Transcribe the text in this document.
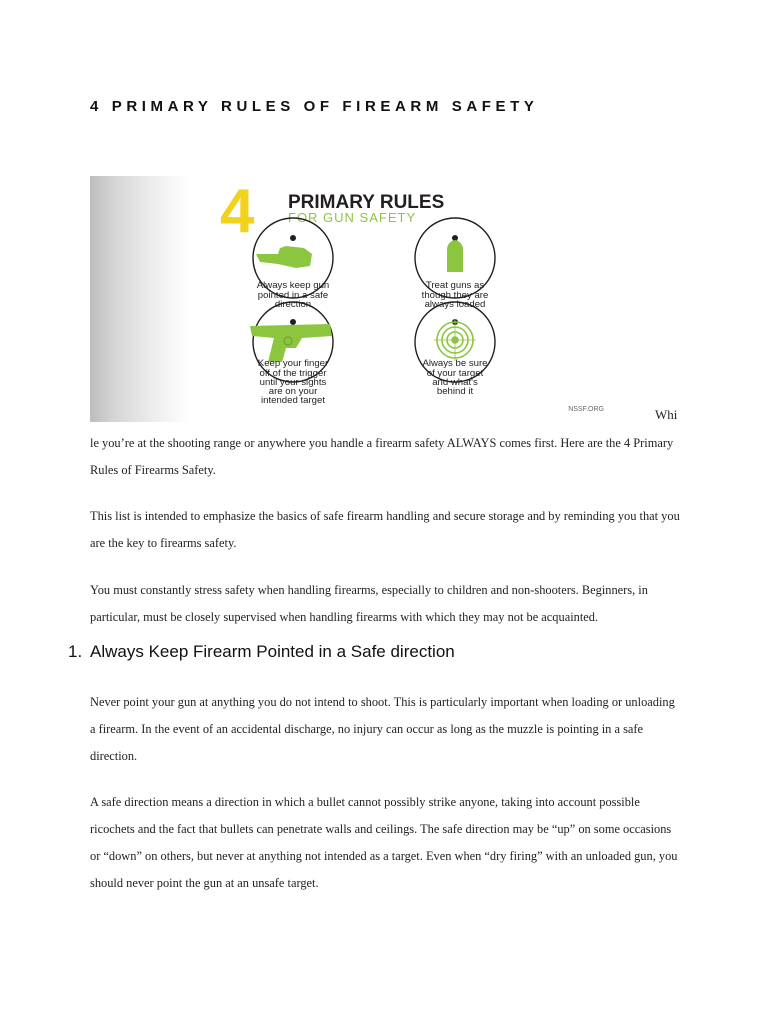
4 PRIMARY RULES OF FIREARM SAFETY
4 PRIMARY RULES
FOR GUN SAFETY
Always keep gun
pointed in a safe
direction
Treat guns as
though they are
always loaded
Keep your finger
off of the trigger
until your sights
are on your
intended target
Always be sure
of your target
and what's
behind it
NSSF.ORG	Whi

le you’re at the shooting range or anywhere you handle a firearm safety ALWAYS comes first. Here are the 4 Primary Rules of Firearms Safety.

This list is intended to emphasize the basics of safe firearm handling and secure storage and by reminding you that you are the key to firearms safety.

You must constantly stress safety when handling firearms, especially to children and non-shooters. Beginners, in particular, must be closely supervised when handling firearms with which they may not be acquainted.

1. Always Keep Firearm Pointed in a Safe direction

Never point your gun at anything you do not intend to shoot. This is particularly important when loading or unloading a firearm. In the event of an accidental discharge, no injury can occur as long as the muzzle is pointing in a safe direction.

A safe direction means a direction in which a bullet cannot possibly strike anyone, taking into account possible ricochets and the fact that bullets can penetrate walls and ceilings. The safe direction may be “up” on some occasions or “down” on others, but never at anything not intended as a target. Even when “dry firing” with an unloaded gun, you should never point the gun at an unsafe target.
